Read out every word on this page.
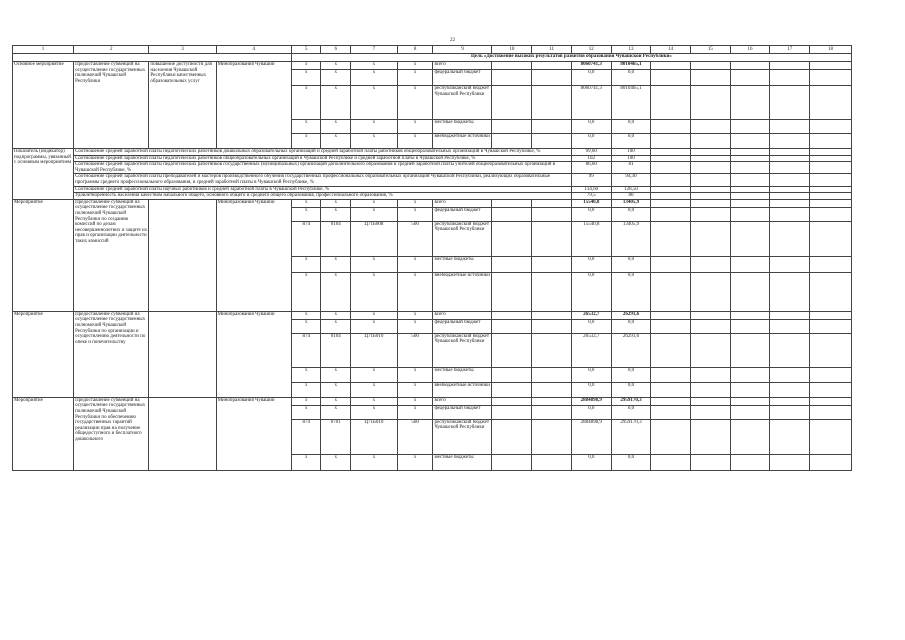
22
1	2	3	4	5	6	7	8	9	10	11	12	13	14	15	16	17	18
				Цель «Достижение высоких результатов развития образования Чувашской Республики»													
Основное мероприятие	Предоставление субвенций на осуществление государственных полномочий Чувашской Республики	повышение доступности для населения Чувашской Республики качественных образовательных услуг	Минобразования Чувашии	x	x	x	x	всего			8060741,3	8010465,1					
				x	x	x	x	федеральный бюджет			0,0	0,0					
				x	x	x	x	республиканский бюджет Чувашской Республики			8060741,3	8010465,1					
				x	x	x	x	местные бюджеты			0,0	0,0					
				x	x	x	x	внебюджетные источники			0,0	0,0					
Показатель (индикатор) подпрограммы, увязанный с основным мероприятием	Соотношение средней заработной платы педагогических работников дошкольных образовательных организаций и средней заработной платы работников общеобразовательных организаций в Чувашской Республике, %										99,60	100					
	Соотношение средней заработной платы педагогических работников общеобразовательных организаций в Чувашской Республике и средней заработной платы в Чувашской Республике, %										102	100					
	Соотношение средней заработной платы педагогических работников государственных (муниципальных) организаций дополнительного образования и средней заработной платы учителей общеобразовательных организаций в Чувашской Республике, %										86,60	81					
	Соотношение средней заработной платы преподавателей и мастеров производственного обучения государственных профессиональных образовательных организаций Чувашской Республики, реализующих образовательные программы среднего профессионального образования, и средней заработной платы в Чувашской Республике, %										99	94,30					
	Соотношение средней заработной платы научных работников и средней заработной платы в Чувашской Республике, %										134,60	128,50					
	Удовлетворенность населения качеством начального общего, основного общего и среднего общего образования, профессионального образования, %										79,5	80					
Мероприятие	Предоставление субвенций на осуществление государственных полномочий Чувашской Республики по созданию комиссий по делам несовершеннолетних и защите их прав и организации деятельности таких комиссий		Минобразования Чувашии	x	x	x	x	всего			15540,8	13405,9					
				x	x	x	x	федеральный бюджет			0,0	0,0					
				874	0104	Ц71Б008	500	республиканский бюджет Чувашской Республики			15540,8	13405,9					
				x	x	x	x	местные бюджеты			0,0	0,0					
				x	x	x	x	внебюджетные источники			0,0	0,0					
Мероприятие	Предоставление субвенций на осуществление государственных полномочий Чувашской Республики по организации и осуществлению деятельности по опеке и попечительству		Минобразования Чувашии	x	x	x	x	всего			26532,7	26291,6					
				x	x	x	x	федеральный бюджет			0,0	0,0					
				874	0104	Ц71Б010	500	республиканский бюджет Чувашской Республики			26532,7	26291,6					
				x	x	x	x	местные бюджеты			0,0	0,0					
				x	x	x	x	внебюджетные источники			0,0	0,0					
Мероприятие	Предоставление субвенций на осуществление государственных полномочий Чувашской Республики по обеспечению государственных гарантий реализации прав на получение общедоступного и бесплатного дошкольного		Минобразования Чувашии	x	x	x	x	всего			2884898,9	2959170,3					
				x	x	x	x	федеральный бюджет			0,0	0,0					
				874	0701	Ц71Б010	500	республиканский бюджет Чувашской Республики			2884898,9	2959170,3					
				x	x	x	x	местные бюджеты			0,0	0,0					
